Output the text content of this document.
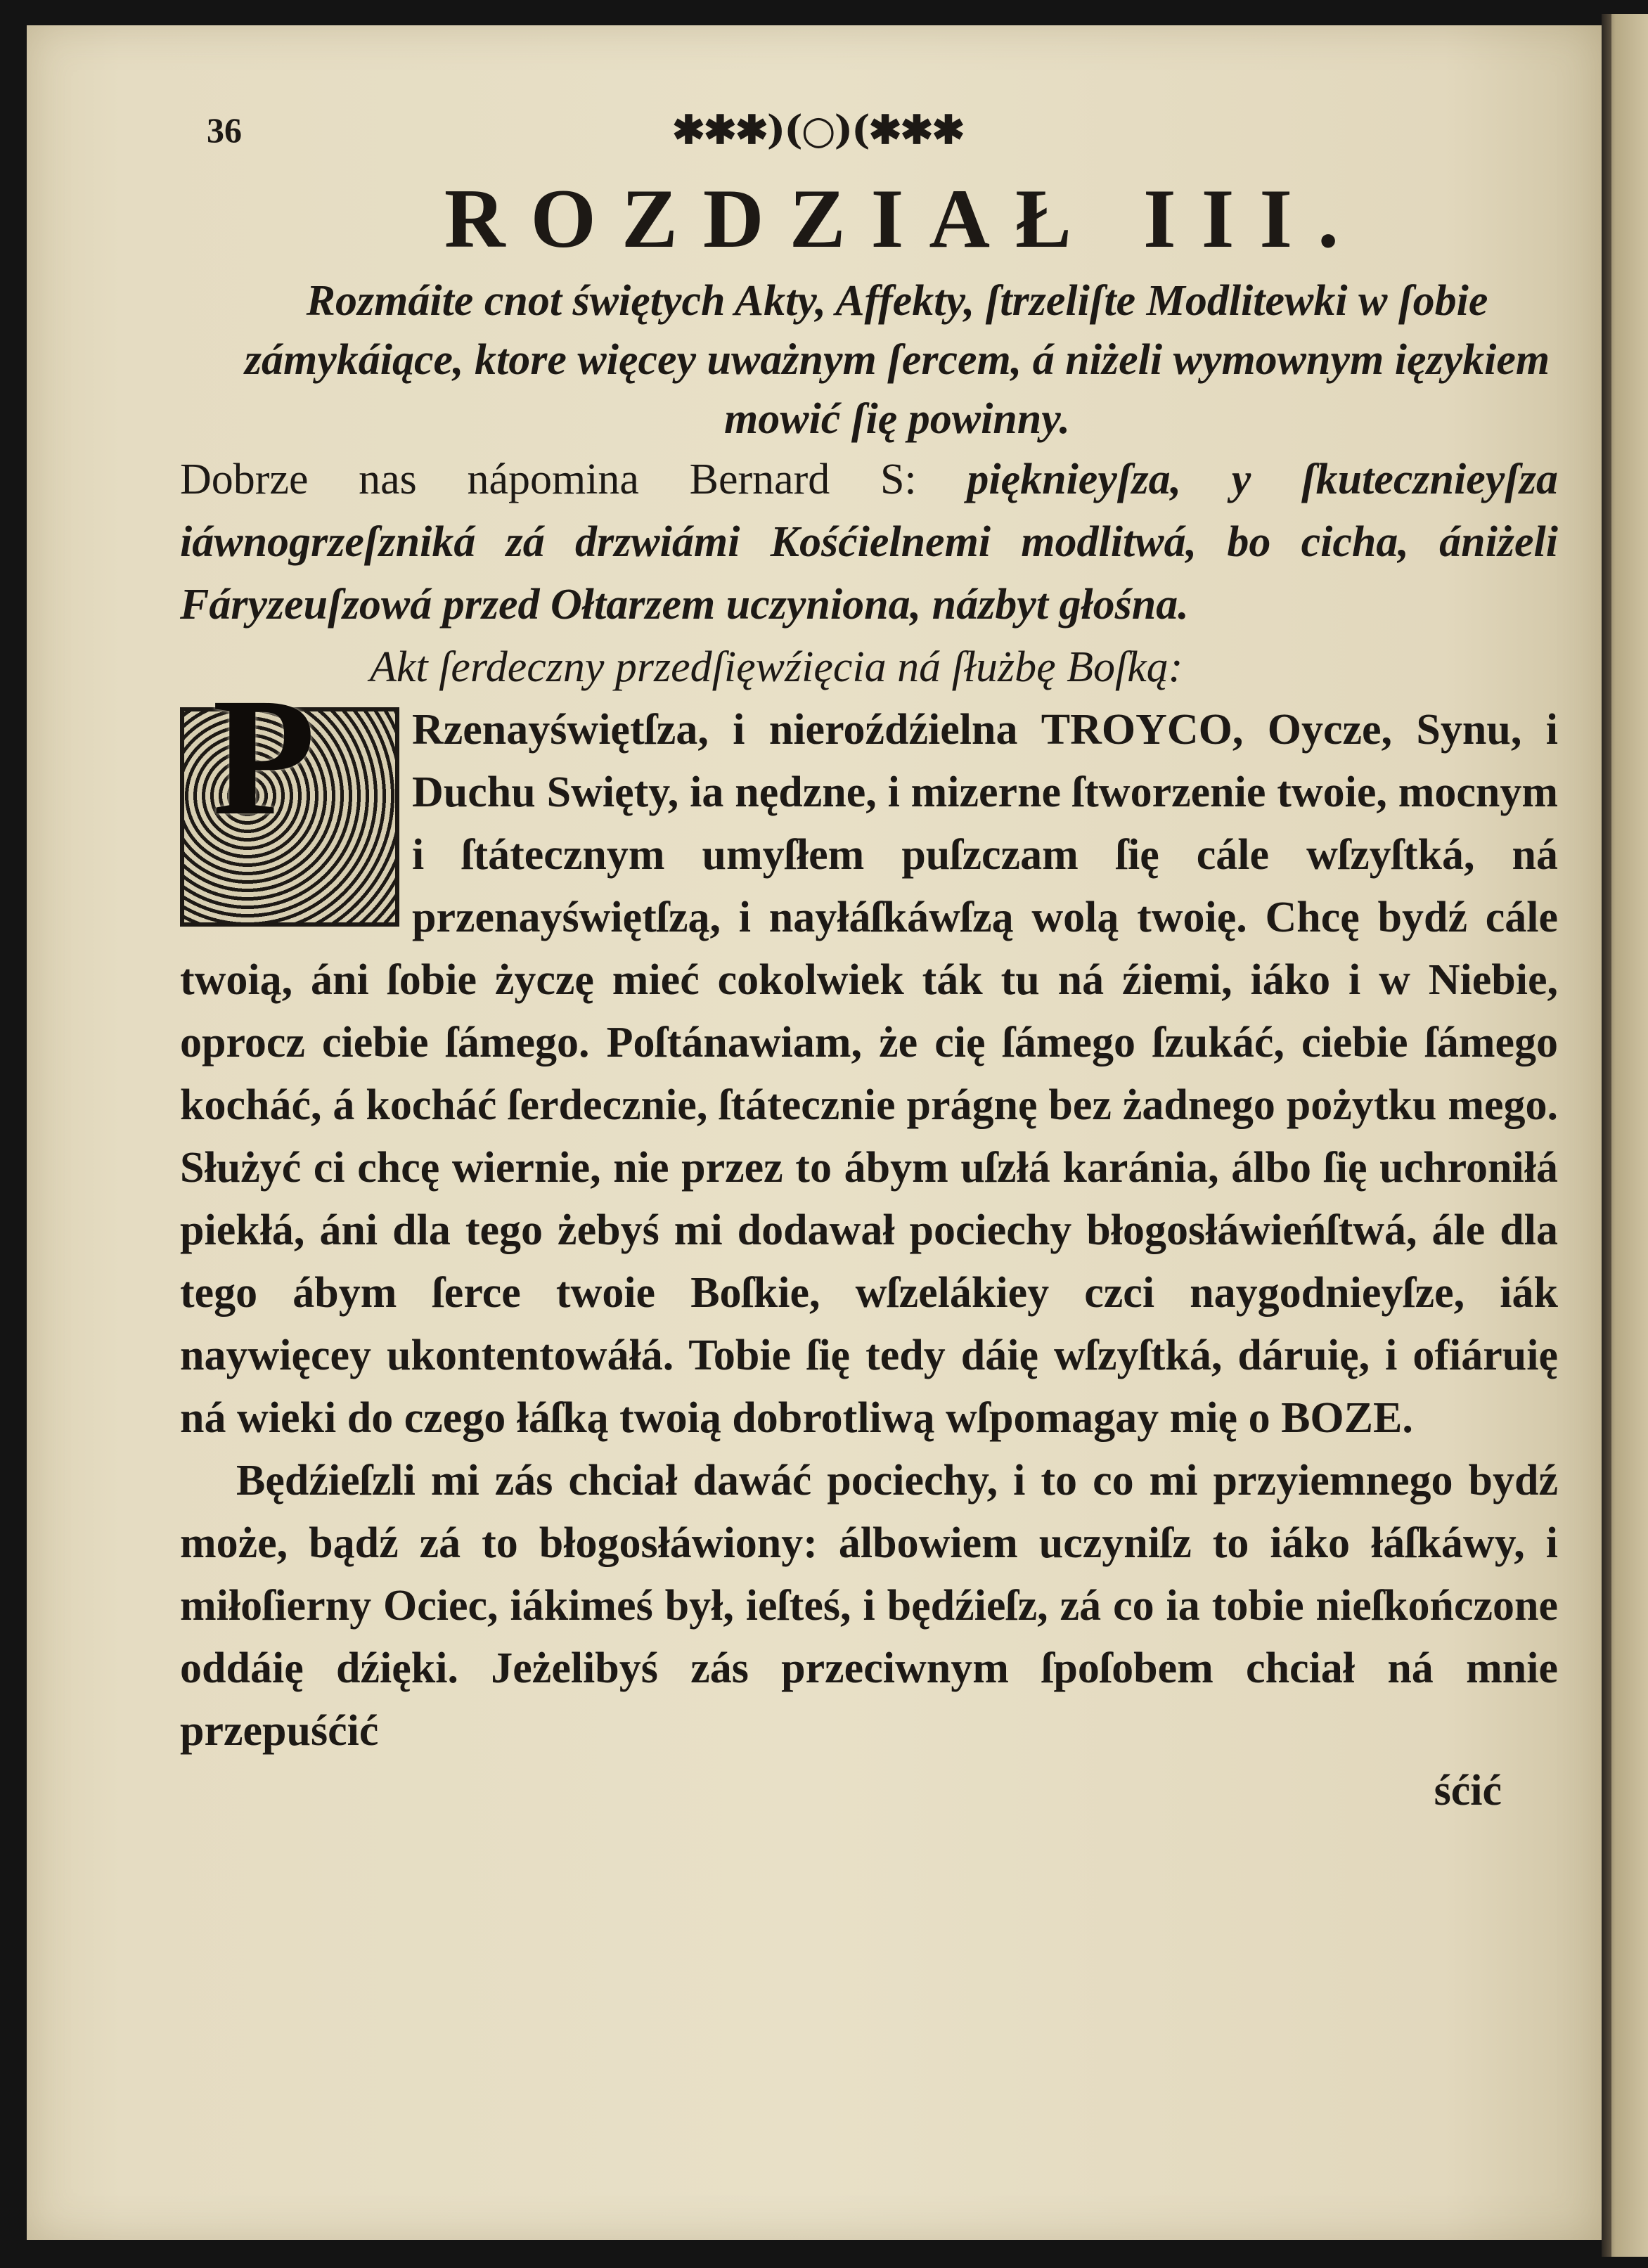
36	✱✱✱)(○)(✱✱✱
ROZDZIAŁ III.

Rozmáite cnot świętych Akty, Affekty, ſtrzeliſte Modlitewki w ſobie zámykáiące, ktore więcey uważnym ſercem, á niżeli wymownym ięzykiem mowić ſię powinny.

Dobrze nas nápomina Bernard S: pięknieyſza, y ſkutecznieyſza iáwnogrzeſzniká zá drzwiámi Kośćielnemi modlitwá, bo cicha, ániżeli Fáryzeuſzowá przed Ołtarzem uczyniona, názbyt głośna.

Akt ſerdeczny przedſięwźięcia ná ſłużbę Boſką:

P Rzenayświętſza, i nieroźdźielna TROYCO, Oycze, Synu, i Duchu Swięty, ia nędzne, i mizerne ſtworzenie twoie, mocnym i ſtátecznym umyſłem puſzczam ſię cále wſzyſtká, ná przenayświętſzą, i nayłáſkáwſzą wolą twoię. Chcę bydź cále twoią, áni ſobie życzę mieć cokolwiek ták tu ná źiemi, iáko i w Niebie, oprocz ciebie ſámego. Poſtánawiam, że cię ſámego ſzukáć, ciebie ſámego kocháć, á kocháć ſerdecznie, ſtátecznie prágnę bez żadnego pożytku mego. Służyć ci chcę wiernie, nie przez to ábym uſzłá karánia, álbo ſię uchroniłá piekłá, áni dla tego żebyś mi dodawał pociechy błogosłáwieńſtwá, ále dla tego ábym ſerce twoie Boſkie, wſzelákiey czci naygodnieyſze, iák naywięcey ukontentowáłá. Tobie ſię tedy dáię wſzyſtká, dáruię, i ofiáruię ná wieki do czego łáſką twoią dobrotliwą wſpomagay mię o BOZE.

Będźieſzli mi zás chciał dawáć pociechy, i to co mi przyiemnego bydź może, bądź zá to błogosłáwiony: álbowiem uczyniſz to iáko łáſkáwy, i miłoſierny Ociec, iákimeś był, ieſteś, i będźieſz, zá co ia tobie nieſkończone oddáię dźięki. Jeżelibyś zás przeciwnym ſpoſobem chciał ná mnie przepuśćić

śćić
